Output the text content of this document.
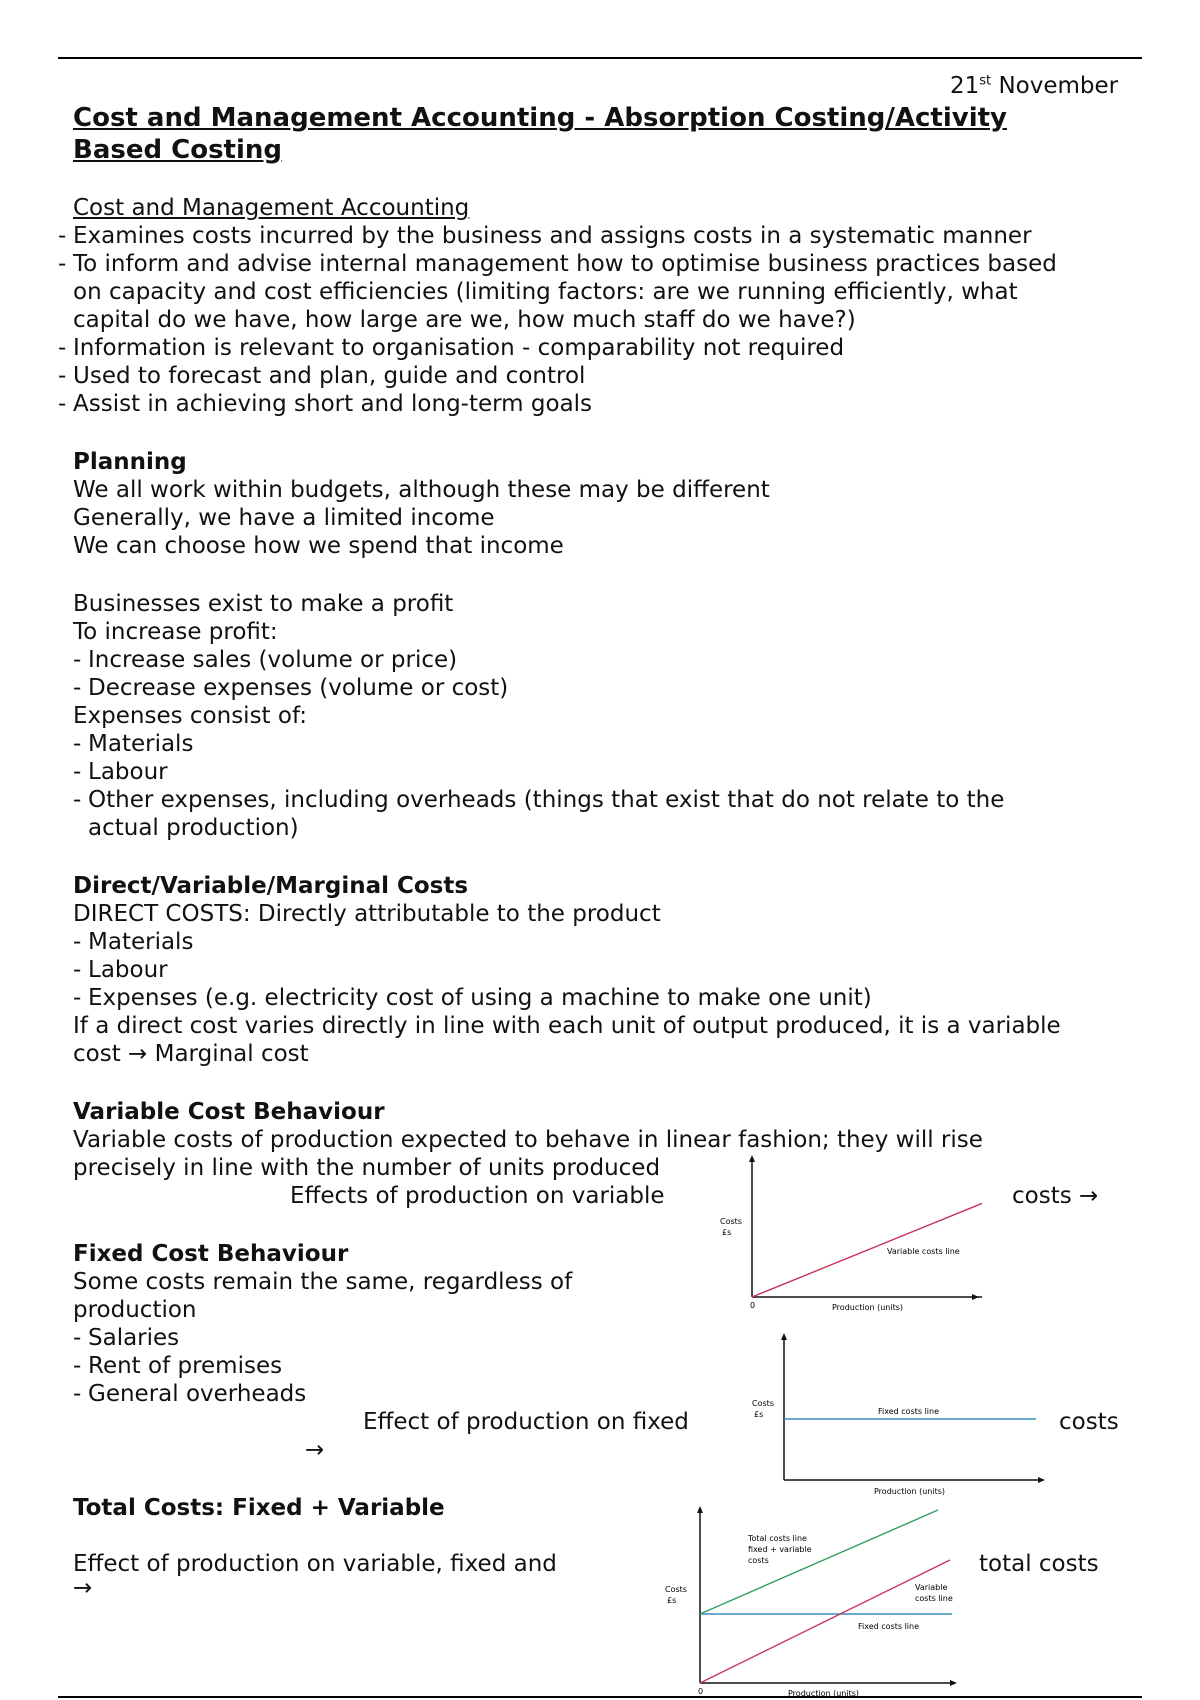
21st November
Cost and Management Accounting - Absorption Costing/Activity
Based Costing
Cost and Management Accounting
- Examines costs incurred by the business and assigns costs in a systematic manner
- To inform and advise internal management how to optimise business practices based
on capacity and cost efficiencies (limiting factors: are we running efficiently, what
capital do we have, how large are we, how much staff do we have?)
- Information is relevant to organisation - comparability not required
- Used to forecast and plan, guide and control
- Assist in achieving short and long-term goals
Planning
We all work within budgets, although these may be different
Generally, we have a limited income
We can choose how we spend that income
Businesses exist to make a profit
To increase profit:
- Increase sales (volume or price)
- Decrease expenses (volume or cost)
Expenses consist of:
- Materials
- Labour
- Other expenses, including overheads (things that exist that do not relate to the
actual production)
Direct/Variable/Marginal Costs
DIRECT COSTS: Directly attributable to the product
- Materials
- Labour
- Expenses (e.g. electricity cost of using a machine to make one unit)
If a direct cost varies directly in line with each unit of output produced, it is a variable
cost → Marginal cost
Variable Cost Behaviour
Variable costs of production expected to behave in linear fashion; they will rise
precisely in line with the number of units produced
Effects of production on variable	costs →
Costs
£s
0	Production (units)
Variable costs line
Fixed Cost Behaviour
Some costs remain the same, regardless of
production
- Salaries
- Rent of premises
- General overheads
Effect of production on fixed	costs
→
Costs
£s	Fixed costs line
Production (units)
Total Costs: Fixed + Variable
Effect of production on variable, fixed and	total costs
→
Total costs line
fixed + variable
costs
Costs
£s
Variable
costs line
Fixed costs line
0	Production (units)
